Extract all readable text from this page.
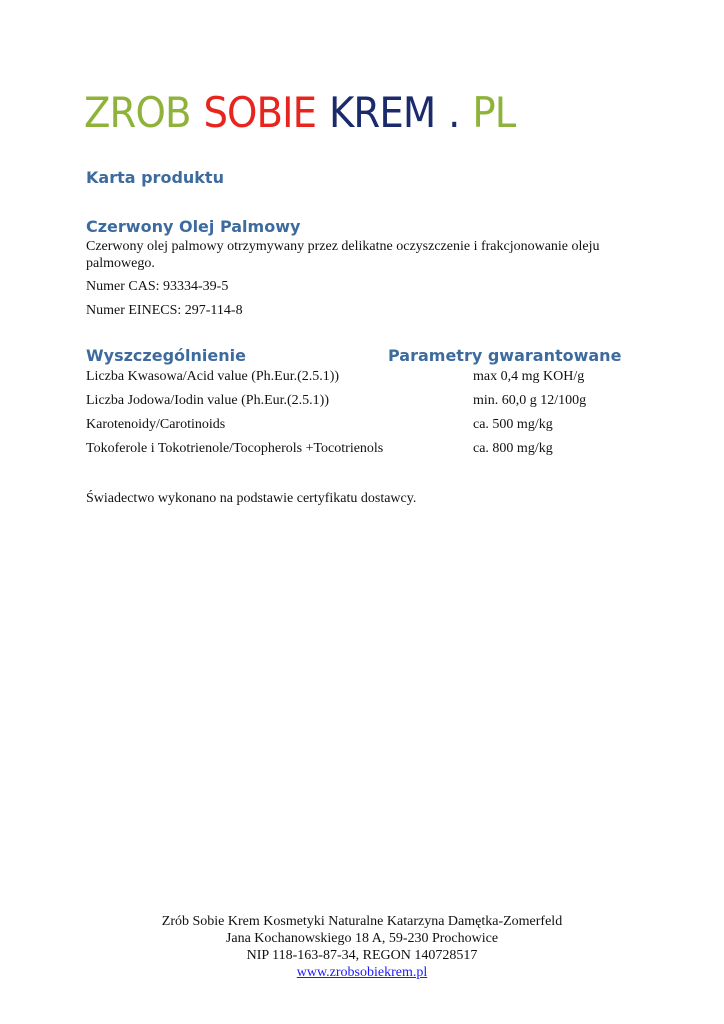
ZROB SOBIE KREM . PL
Karta produktu
Czerwony Olej Palmowy

Czerwony olej palmowy otrzymywany przez delikatne oczyszczenie i frakcjonowanie oleju

palmowego.

Numer CAS: 93334-39-5

Numer EINECS: 297-114-8

Wyszczególnienie	Parametry gwarantowane
Liczba Kwasowa/Acid value (Ph.Eur.(2.5.1))	max 0,4 mg KOH/g
Liczba Jodowa/Iodin value (Ph.Eur.(2.5.1))	min. 60,0 g 12/100g
Karotenoidy/Carotinoids	ca. 500 mg/kg
Tokoferole i Tokotrienole/Tocopherols +Tocotrienols	ca. 800 mg/kg

Świadectwo wykonano na podstawie certyfikatu dostawcy.

Zrób Sobie Krem Kosmetyki Naturalne Katarzyna Damętka-Zomerfeld
Jana Kochanowskiego 18 A, 59-230 Prochowice
NIP 118-163-87-34, REGON 140728517
www.zrobsobiekrem.pl
